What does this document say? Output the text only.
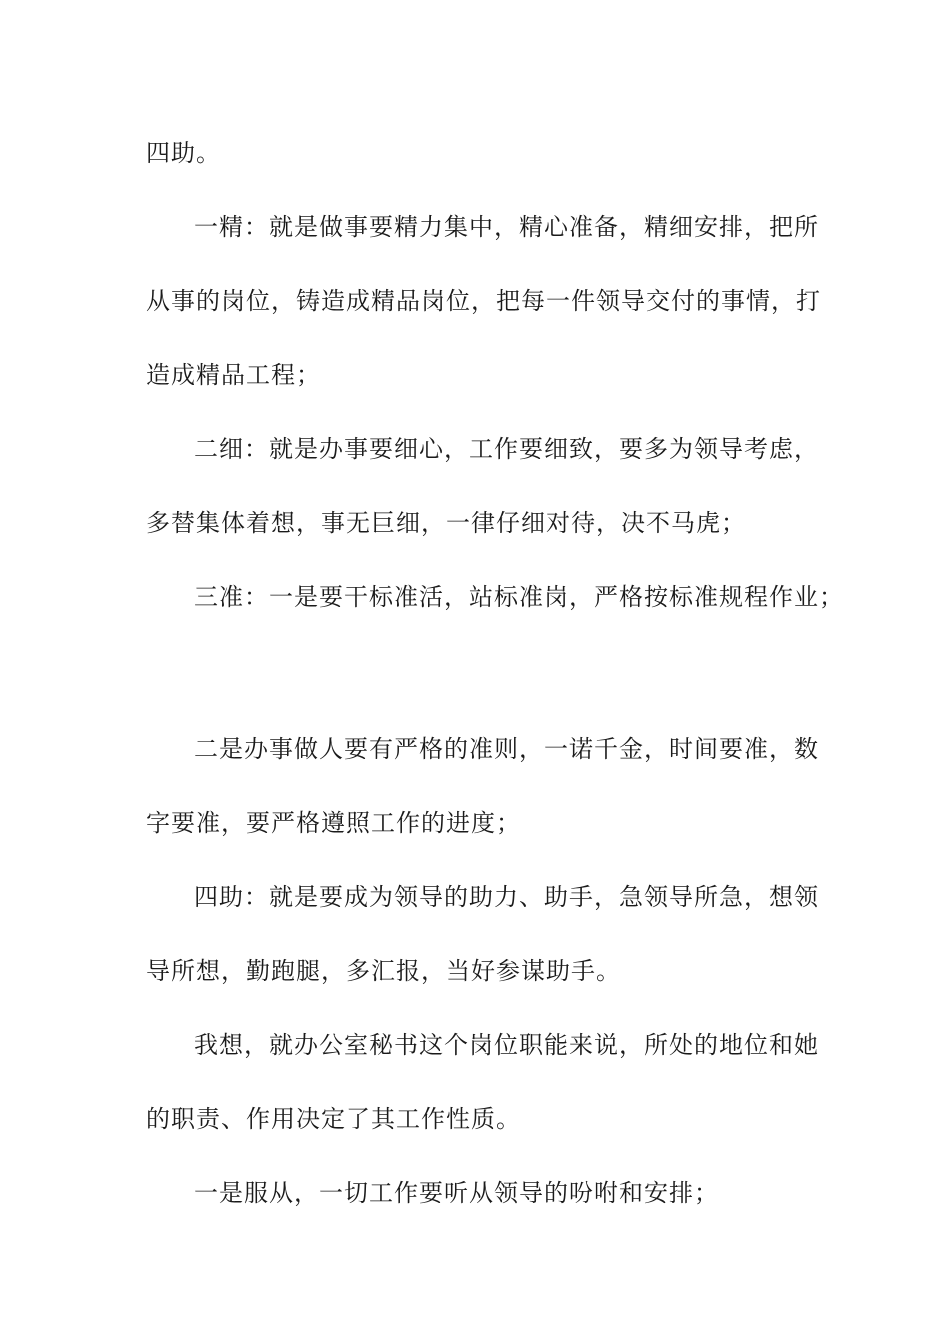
四助。

一精：就是做事要精力集中，精心准备，精细安排，把所
从事的岗位，铸造成精品岗位，把每一件领导交付的事情，打
造成精品工程；

二细：就是办事要细心，工作要细致，要多为领导考虑，
多替集体着想，事无巨细，一律仔细对待，决不马虎；

三准：一是要干标准活，站标准岗，严格按标准规程作业；

二是办事做人要有严格的准则，一诺千金，时间要准，数
字要准，要严格遵照工作的进度；

四助：就是要成为领导的助力、助手，急领导所急，想领
导所想，勤跑腿，多汇报，当好参谋助手。

我想，就办公室秘书这个岗位职能来说，所处的地位和她
的职责、作用决定了其工作性质。

一是服从，一切工作要听从领导的吩咐和安排；
